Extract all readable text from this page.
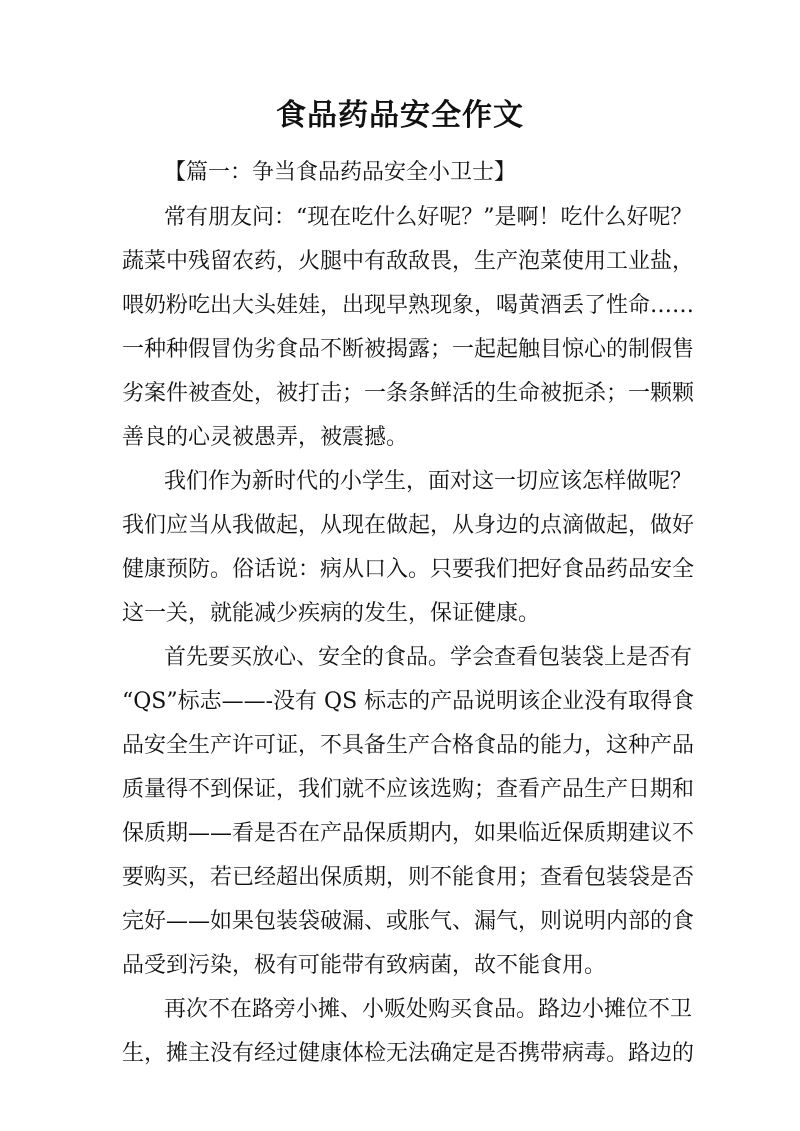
食品药品安全作文
【篇一：争当食品药品安全小卫士】
常有朋友问：“现在吃什么好呢？”是啊！吃什么好呢？
蔬菜中残留农药，火腿中有敌敌畏，生产泡菜使用工业盐，
喂奶粉吃出大头娃娃，出现早熟现象，喝黄酒丢了性命……
一种种假冒伪劣食品不断被揭露；一起起触目惊心的制假售
劣案件被查处，被打击；一条条鲜活的生命被扼杀；一颗颗
善良的心灵被愚弄，被震撼。
我们作为新时代的小学生，面对这一切应该怎样做呢？
我们应当从我做起，从现在做起，从身边的点滴做起，做好
健康预防。俗话说：病从口入。只要我们把好食品药品安全
这一关，就能减少疾病的发生，保证健康。
首先要买放心、安全的食品。学会查看包装袋上是否有
“QS”标志——-没有 QS 标志的产品说明该企业没有取得食
品安全生产许可证，不具备生产合格食品的能力，这种产品
质量得不到保证，我们就不应该选购；查看产品生产日期和
保质期——看是否在产品保质期内，如果临近保质期建议不
要购买，若已经超出保质期，则不能食用；查看包装袋是否
完好——如果包装袋破漏、或胀气、漏气，则说明内部的食
品受到污染，极有可能带有致病菌，故不能食用。
再次不在路旁小摊、小贩处购买食品。路边小摊位不卫
生，摊主没有经过健康体检无法确定是否携带病毒。路边的
